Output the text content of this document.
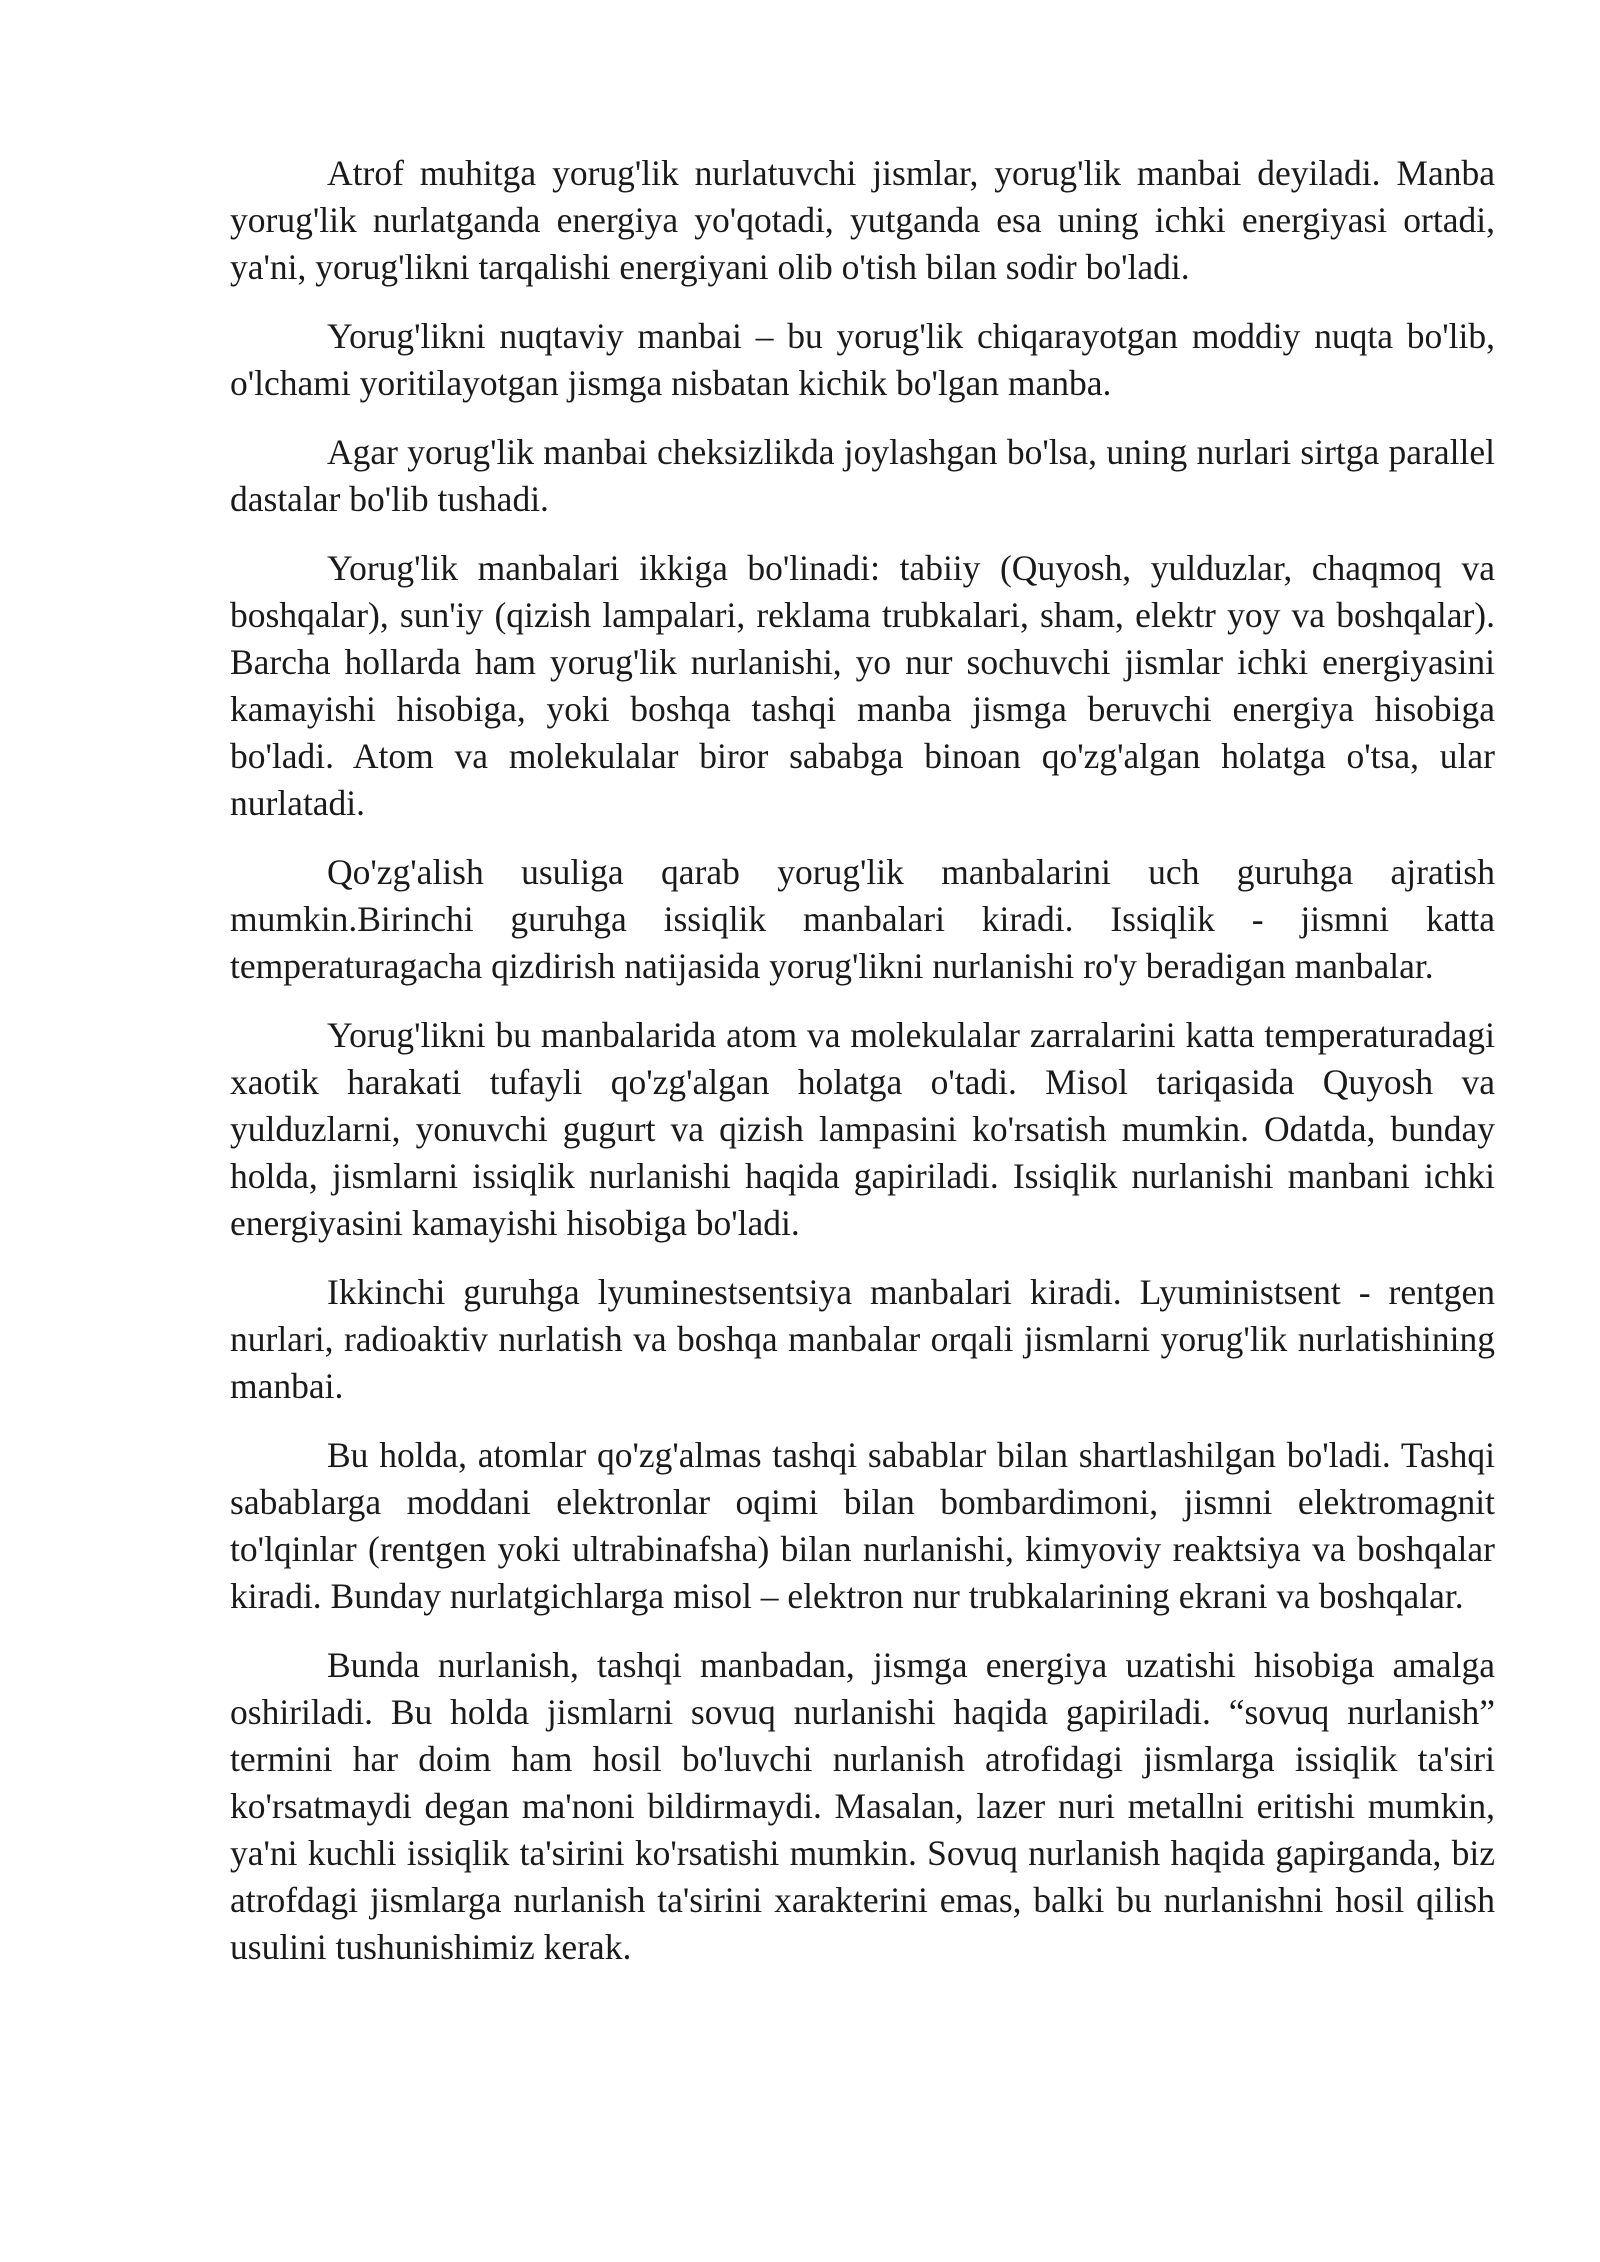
Atrof muhitga yorug'lik nurlatuvchi jismlar, yorug'lik manbai deyiladi. Manba yorug'lik nurlatganda energiya yo'qotadi, yutganda esa uning ichki energiyasi ortadi, ya'ni, yorug'likni tarqalishi energiyani olib o'tish bilan sodir bo'ladi.

Yorug'likni nuqtaviy manbai – bu yorug'lik chiqarayotgan moddiy nuqta bo'lib, o'lchami yoritilayotgan jismga nisbatan kichik bo'lgan manba.

Agar yorug'lik manbai cheksizlikda joylashgan bo'lsa, uning nurlari sirtga parallel dastalar bo'lib tushadi.

Yorug'lik manbalari ikkiga bo'linadi: tabiiy (Quyosh, yulduzlar, chaqmoq va boshqalar), sun'iy (qizish lampalari, reklama trubkalari, sham, elektr yoy va boshqalar). Barcha hollarda ham yorug'lik nurlanishi, yo nur sochuvchi jismlar ichki energiyasini kamayishi hisobiga, yoki boshqa tashqi manba jismga beruvchi energiya hisobiga bo'ladi. Atom va molekulalar biror sababga binoan qo'zg'algan holatga o'tsa, ular nurlatadi.

Qo'zg'alish usuliga qarab yorug'lik manbalarini uch guruhga ajratish mumkin.Birinchi guruhga issiqlik manbalari kiradi. Issiqlik - jismni katta temperaturagacha qizdirish natijasida yorug'likni nurlanishi ro'y beradigan manbalar.

Yorug'likni bu manbalarida atom va molekulalar zarralarini katta temperaturadagi xaotik harakati tufayli qo'zg'algan holatga o'tadi. Misol tariqasida Quyosh va yulduzlarni, yonuvchi gugurt va qizish lampasini ko'rsatish mumkin. Odatda, bunday holda, jismlarni issiqlik nurlanishi haqida gapiriladi. Issiqlik nurlanishi manbani ichki energiyasini kamayishi hisobiga bo'ladi.

Ikkinchi guruhga lyuminestsentsiya manbalari kiradi. Lyuministsent - rentgen nurlari, radioaktiv nurlatish va boshqa manbalar orqali jismlarni yorug'lik nurlatishining manbai.

Bu holda, atomlar qo'zg'almas tashqi sabablar bilan shartlashilgan bo'ladi. Tashqi sabablarga moddani elektronlar oqimi bilan bombardimoni, jismni elektromagnit to'lqinlar (rentgen yoki ultrabinafsha) bilan nurlanishi, kimyoviy reaktsiya va boshqalar kiradi. Bunday nurlatgichlarga misol – elektron nur trubkalarining ekrani va boshqalar.

Bunda nurlanish, tashqi manbadan, jismga energiya uzatishi hisobiga amalga oshiriladi. Bu holda jismlarni sovuq nurlanishi haqida gapiriladi. “sovuq nurlanish” termini har doim ham hosil bo'luvchi nurlanish atrofidagi jismlarga issiqlik ta'siri ko'rsatmaydi degan ma'noni bildirmaydi. Masalan, lazer nuri metallni eritishi mumkin, ya'ni kuchli issiqlik ta'sirini ko'rsatishi mumkin. Sovuq nurlanish haqida gapirganda, biz atrofdagi jismlarga nurlanish ta'sirini xarakterini emas, balki bu nurlanishni hosil qilish usulini tushunishimiz kerak.
